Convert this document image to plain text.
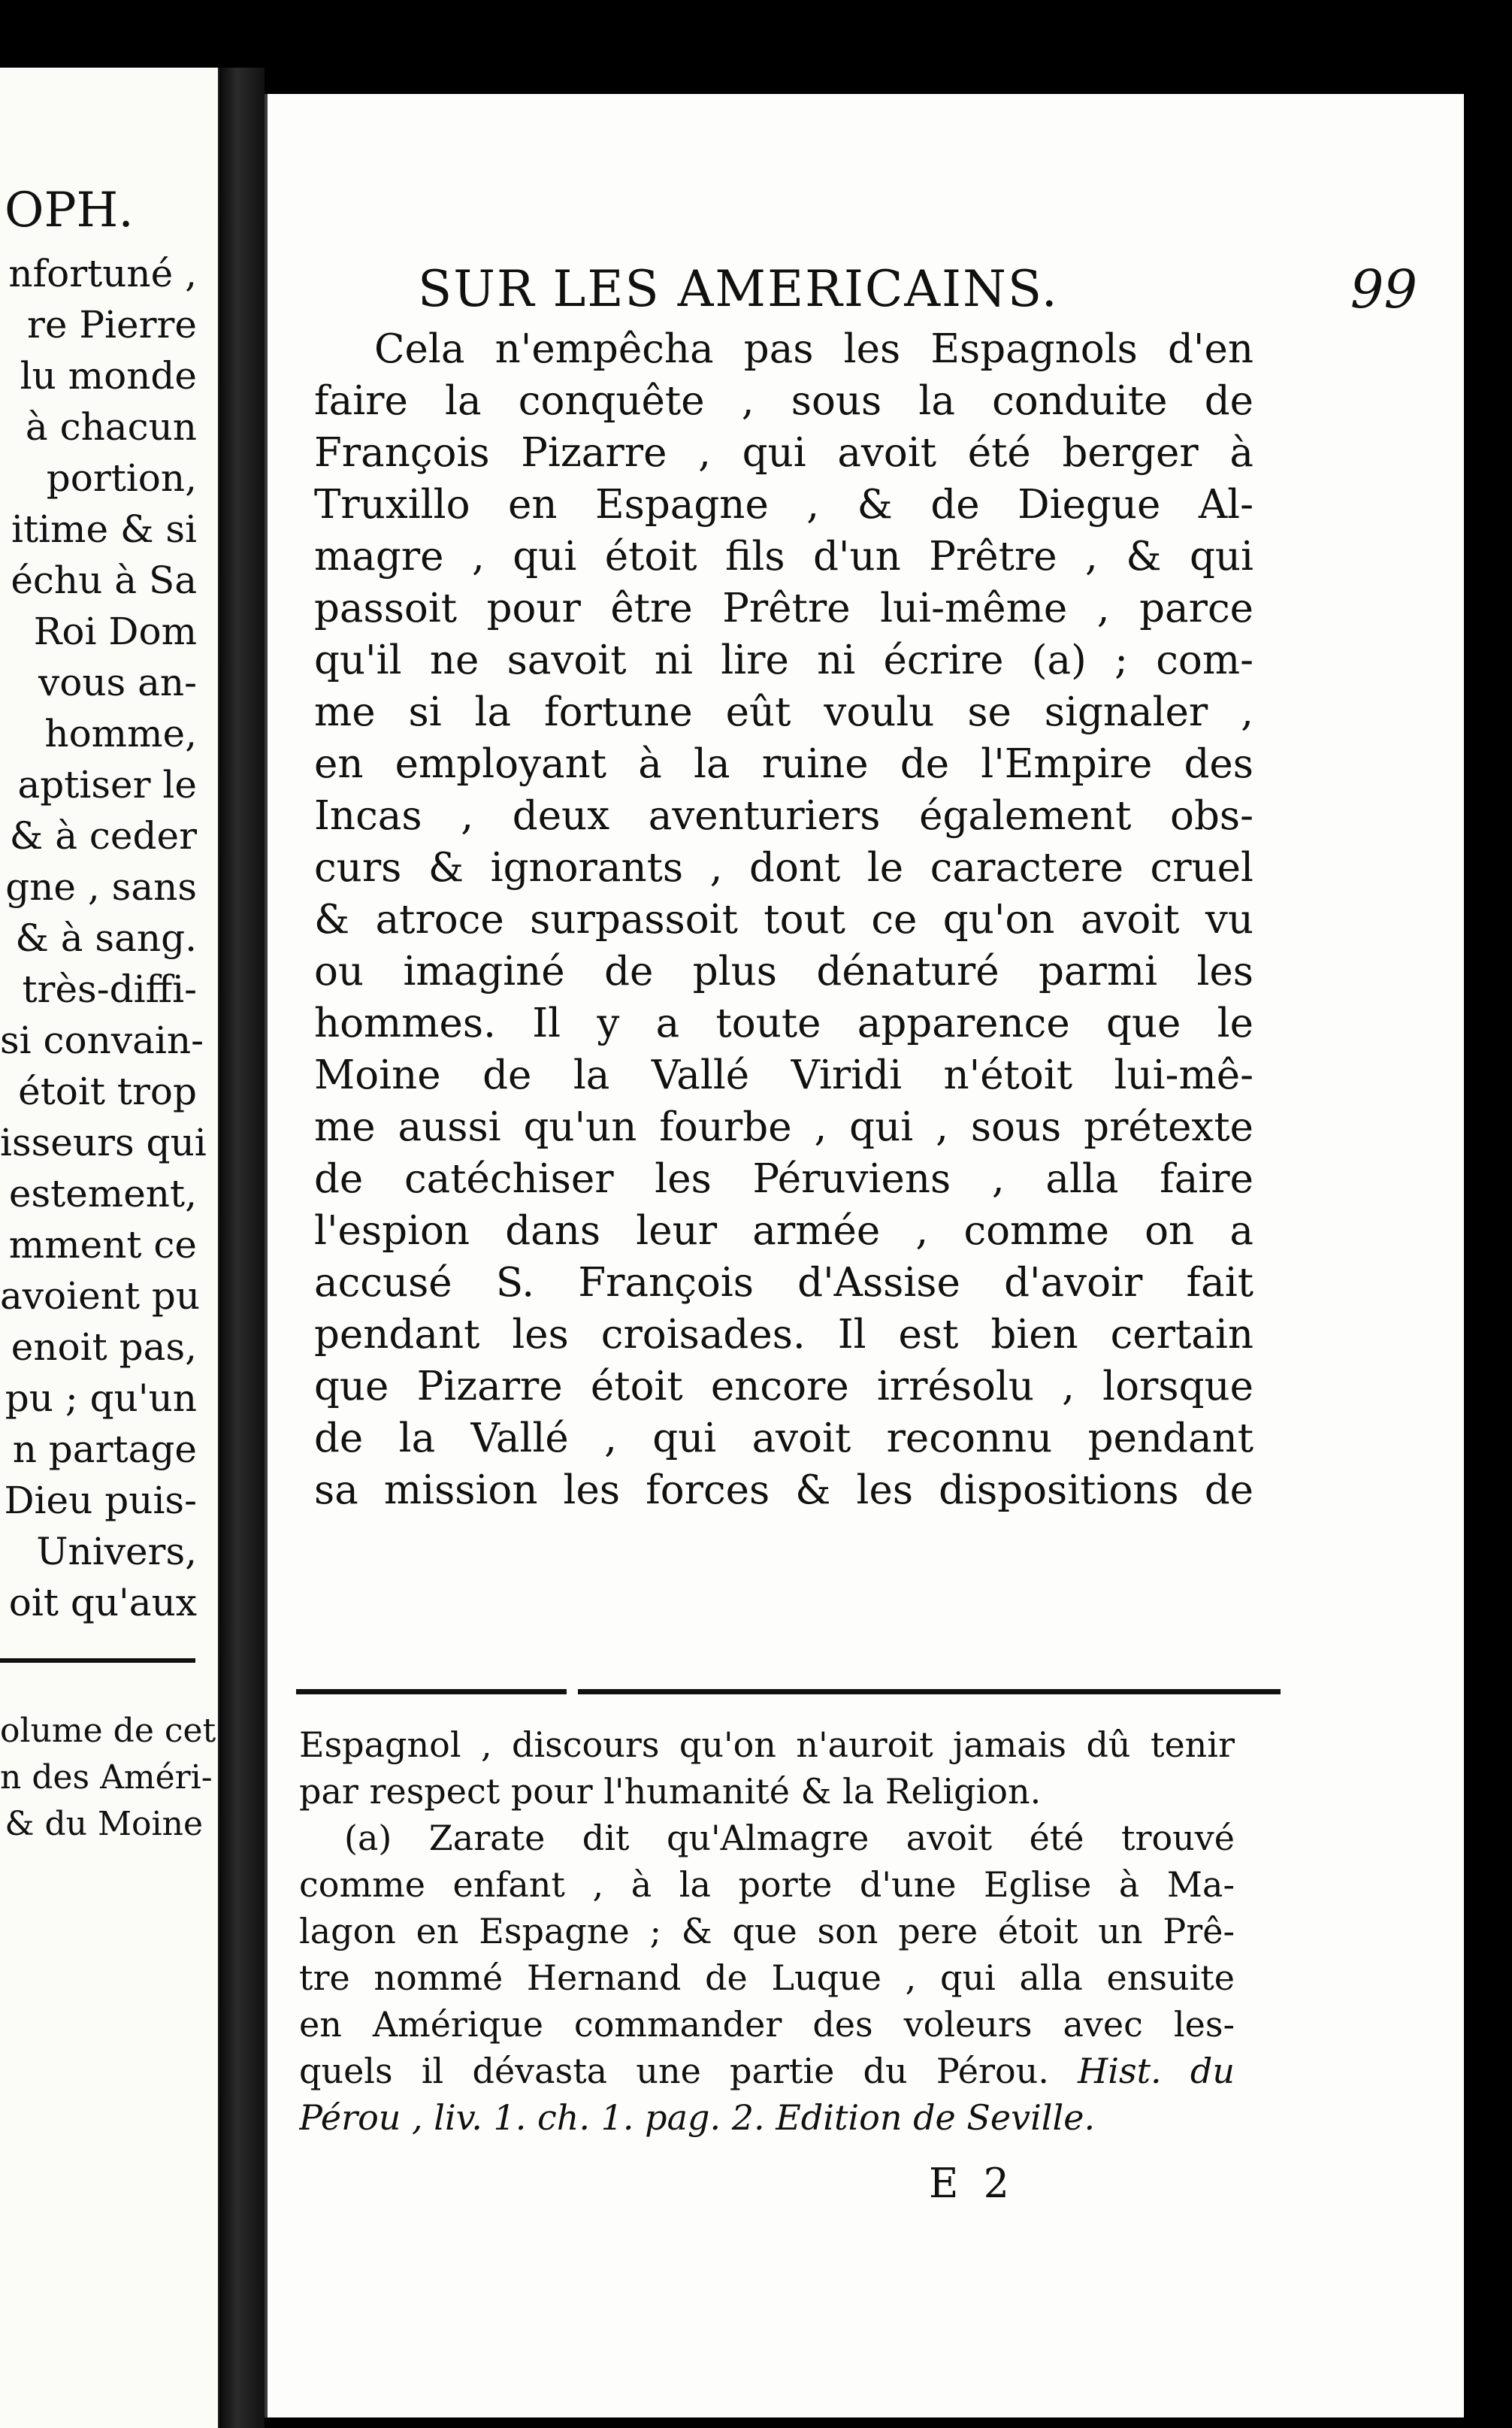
OPH.
nfortuné ,
re Pierre
lu monde
à chacun
portion,
itime & si
échu à Sa
Roi Dom
vous an-
homme,
aptiser le
& à ceder
gne , sans
& à sang.
très-diffi-
si convain-
étoit trop
isseurs qui
estement,
mment ce
avoient pu
enoit pas,
pu ; qu'un
n partage
Dieu puis-
Univers,
oit qu'aux
olume de cet
n des Améri-
& du Moine
SUR LES AMERICAINS.	99
Cela n'empêcha pas les Espagnols d'en
faire la conquête , sous la conduite de
François Pizarre , qui avoit été berger à
Truxillo en Espagne , & de Diegue Al-
magre , qui étoit fils d'un Prêtre , & qui
passoit pour être Prêtre lui-même , parce
qu'il ne savoit ni lire ni écrire (a) ; com-
me si la fortune eût voulu se signaler ,
en employant à la ruine de l'Empire des
Incas , deux aventuriers également obs-
curs & ignorants , dont le caractere cruel
& atroce surpassoit tout ce qu'on avoit vu
ou imaginé de plus dénaturé parmi les
hommes. Il y a toute apparence que le
Moine de la Vallé Viridi n'étoit lui-mê-
me aussi qu'un fourbe , qui , sous prétexte
de catéchiser les Péruviens , alla faire
l'espion dans leur armée , comme on a
accusé S. François d'Assise d'avoir fait
pendant les croisades. Il est bien certain
que Pizarre étoit encore irrésolu , lorsque
de la Vallé , qui avoit reconnu pendant
sa mission les forces & les dispositions de
Espagnol , discours qu'on n'auroit jamais dû tenir
par respect pour l'humanité & la Religion.
(a) Zarate dit qu'Almagre avoit été trouvé
comme enfant , à la porte d'une Eglise à Ma-
lagon en Espagne ; & que son pere étoit un Prê-
tre nommé Hernand de Luque , qui alla ensuite
en Amérique commander des voleurs avec les-
quels il dévasta une partie du Pérou. Hist. du
Pérou , liv. 1. ch. 1. pag. 2. Edition de Seville.
E 2
